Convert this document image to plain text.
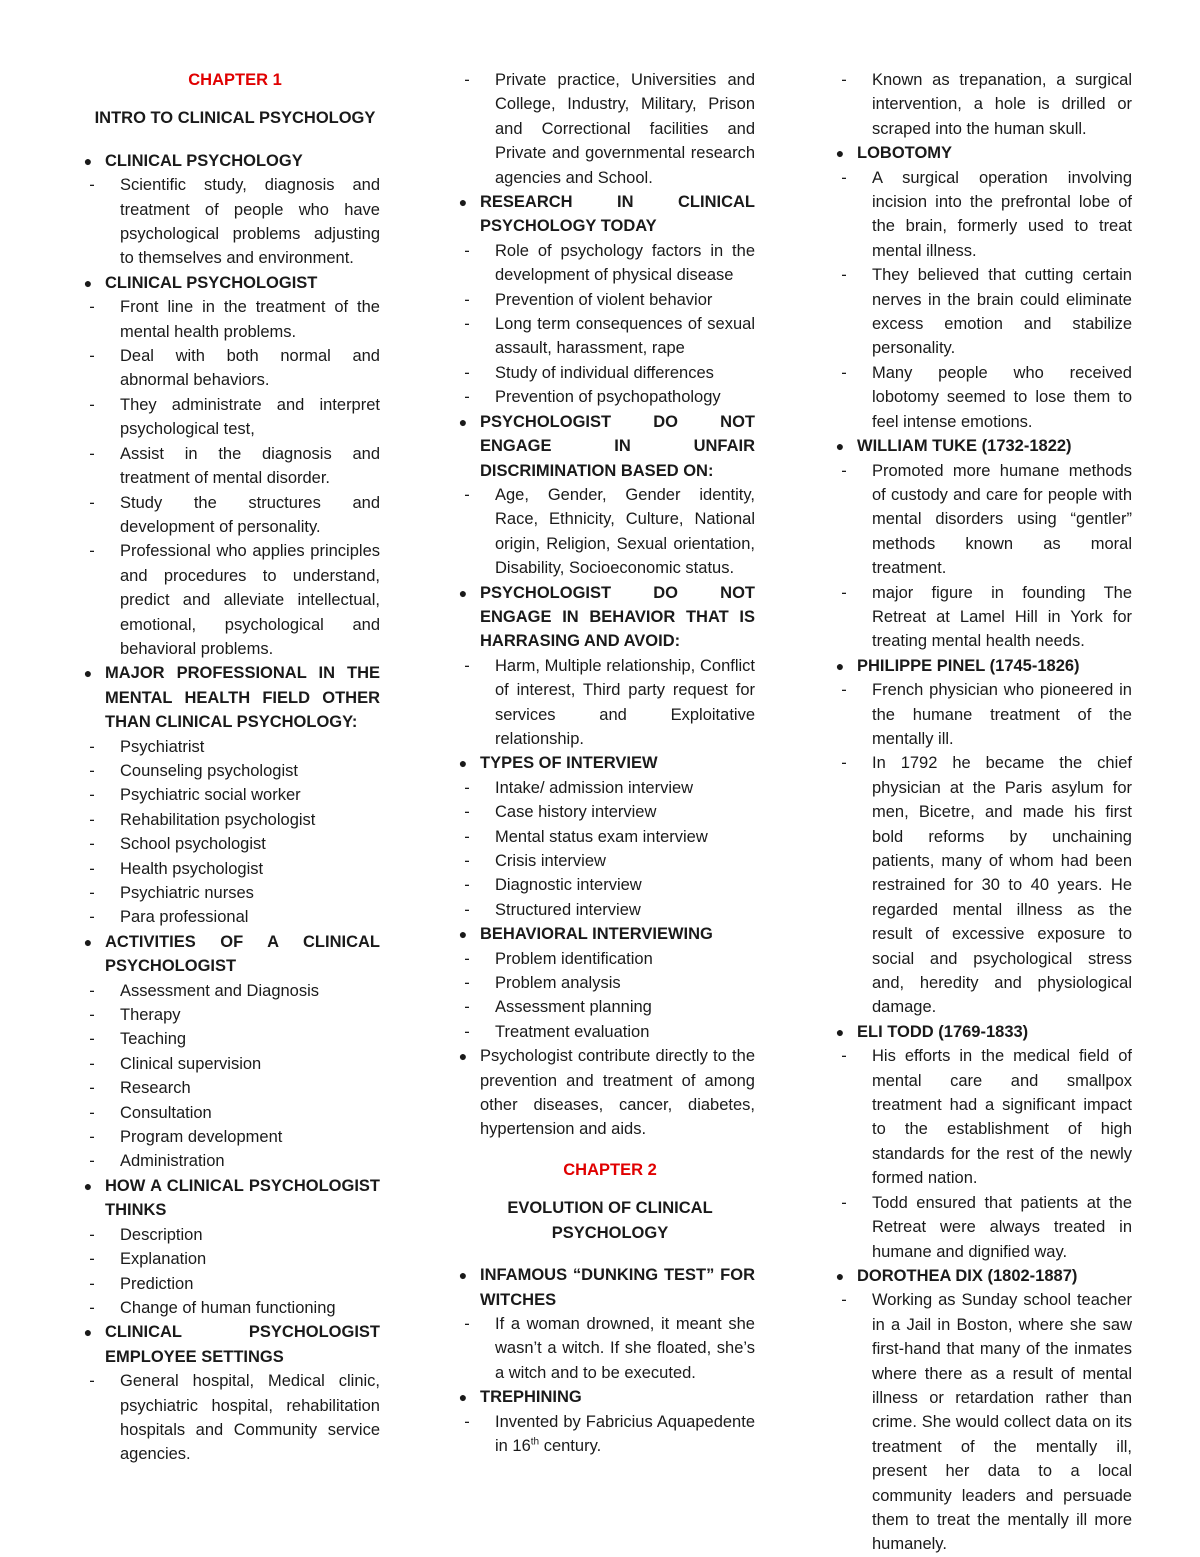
CHAPTER 1
INTRO TO CLINICAL PSYCHOLOGY
● CLINICAL PSYCHOLOGY
-	Scientific study, diagnosis and treatment of people who have psychological problems adjusting to themselves and environment.
● CLINICAL PSYCHOLOGIST
-	Front line in the treatment of the mental health problems.
-	Deal with both normal and abnormal behaviors.
-	They administrate and interpret psychological test,
-	Assist in the diagnosis and treatment of mental disorder.
-	Study the structures and development of personality.
-	Professional who applies principles and procedures to understand, predict and alleviate intellectual, emotional, psychological and behavioral problems.
● MAJOR PROFESSIONAL IN THE MENTAL HEALTH FIELD OTHER THAN CLINICAL PSYCHOLOGY:
-	Psychiatrist
-	Counseling psychologist
-	Psychiatric social worker
-	Rehabilitation psychologist
-	School psychologist
-	Health psychologist
-	Psychiatric nurses
-	Para professional
● ACTIVITIES OF A CLINICAL PSYCHOLOGIST
-	Assessment and Diagnosis
-	Therapy
-	Teaching
-	Clinical supervision
-	Research
-	Consultation
-	Program development
-	Administration
● HOW A CLINICAL PSYCHOLOGIST THINKS
-	Description
-	Explanation
-	Prediction
-	Change of human functioning
● CLINICAL PSYCHOLOGIST EMPLOYEE SETTINGS
-	General hospital, Medical clinic, psychiatric hospital, rehabilitation hospitals and Community service agencies.
-	Private practice, Universities and College, Industry, Military, Prison and Correctional facilities and Private and governmental research agencies and School.
● RESEARCH IN CLINICAL PSYCHOLOGY TODAY
-	Role of psychology factors in the development of physical disease
-	Prevention of violent behavior
-	Long term consequences of sexual assault, harassment, rape
-	Study of individual differences
-	Prevention of psychopathology
● PSYCHOLOGIST DO NOT ENGAGE IN UNFAIR DISCRIMINATION BASED ON:
-	Age, Gender, Gender identity, Race, Ethnicity, Culture, National origin, Religion, Sexual orientation, Disability, Socioeconomic status.
● PSYCHOLOGIST DO NOT ENGAGE IN BEHAVIOR THAT IS HARRASING AND AVOID:
-	Harm, Multiple relationship, Conflict of interest, Third party request for services and Exploitative relationship.
● TYPES OF INTERVIEW
-	Intake/ admission interview
-	Case history interview
-	Mental status exam interview
-	Crisis interview
-	Diagnostic interview
-	Structured interview
● BEHAVIORAL INTERVIEWING
-	Problem identification
-	Problem analysis
-	Assessment planning
-	Treatment evaluation
● Psychologist contribute directly to the prevention and treatment of among other diseases, cancer, diabetes, hypertension and aids.
CHAPTER 2
EVOLUTION OF CLINICAL PSYCHOLOGY
● INFAMOUS “DUNKING TEST” FOR WITCHES
-	If a woman drowned, it meant she wasn’t a witch. If she floated, she’s a witch and to be executed.
● TREPHINING
-	Invented by Fabricius Aquapedente in 16th century.
-	Known as trepanation, a surgical intervention, a hole is drilled or scraped into the human skull.
● LOBOTOMY
-	A surgical operation involving incision into the prefrontal lobe of the brain, formerly used to treat mental illness.
-	They believed that cutting certain nerves in the brain could eliminate excess emotion and stabilize personality.
-	Many people who received lobotomy seemed to lose them to feel intense emotions.
● WILLIAM TUKE (1732-1822)
-	Promoted more humane methods of custody and care for people with mental disorders using “gentler” methods known as moral treatment.
-	major figure in founding The Retreat at Lamel Hill in York for treating mental health needs.
● PHILIPPE PINEL (1745-1826)
-	French physician who pioneered in the humane treatment of the mentally ill.
-	In 1792 he became the chief physician at the Paris asylum for men, Bicetre, and made his first bold reforms by unchaining patients, many of whom had been restrained for 30 to 40 years. He regarded mental illness as the result of excessive exposure to social and psychological stress and, heredity and physiological damage.
● ELI TODD (1769-1833)
-	His efforts in the medical field of mental care and smallpox treatment had a significant impact to the establishment of high standards for the rest of the newly formed nation.
-	Todd ensured that patients at the Retreat were always treated in humane and dignified way.
● DOROTHEA DIX (1802-1887)
-	Working as Sunday school teacher in a Jail in Boston, where she saw first-hand that many of the inmates where there as a result of mental illness or retardation rather than crime. She would collect data on its treatment of the mentally ill, present her data to a local community leaders and persuade them to treat the mentally ill more humanely.
